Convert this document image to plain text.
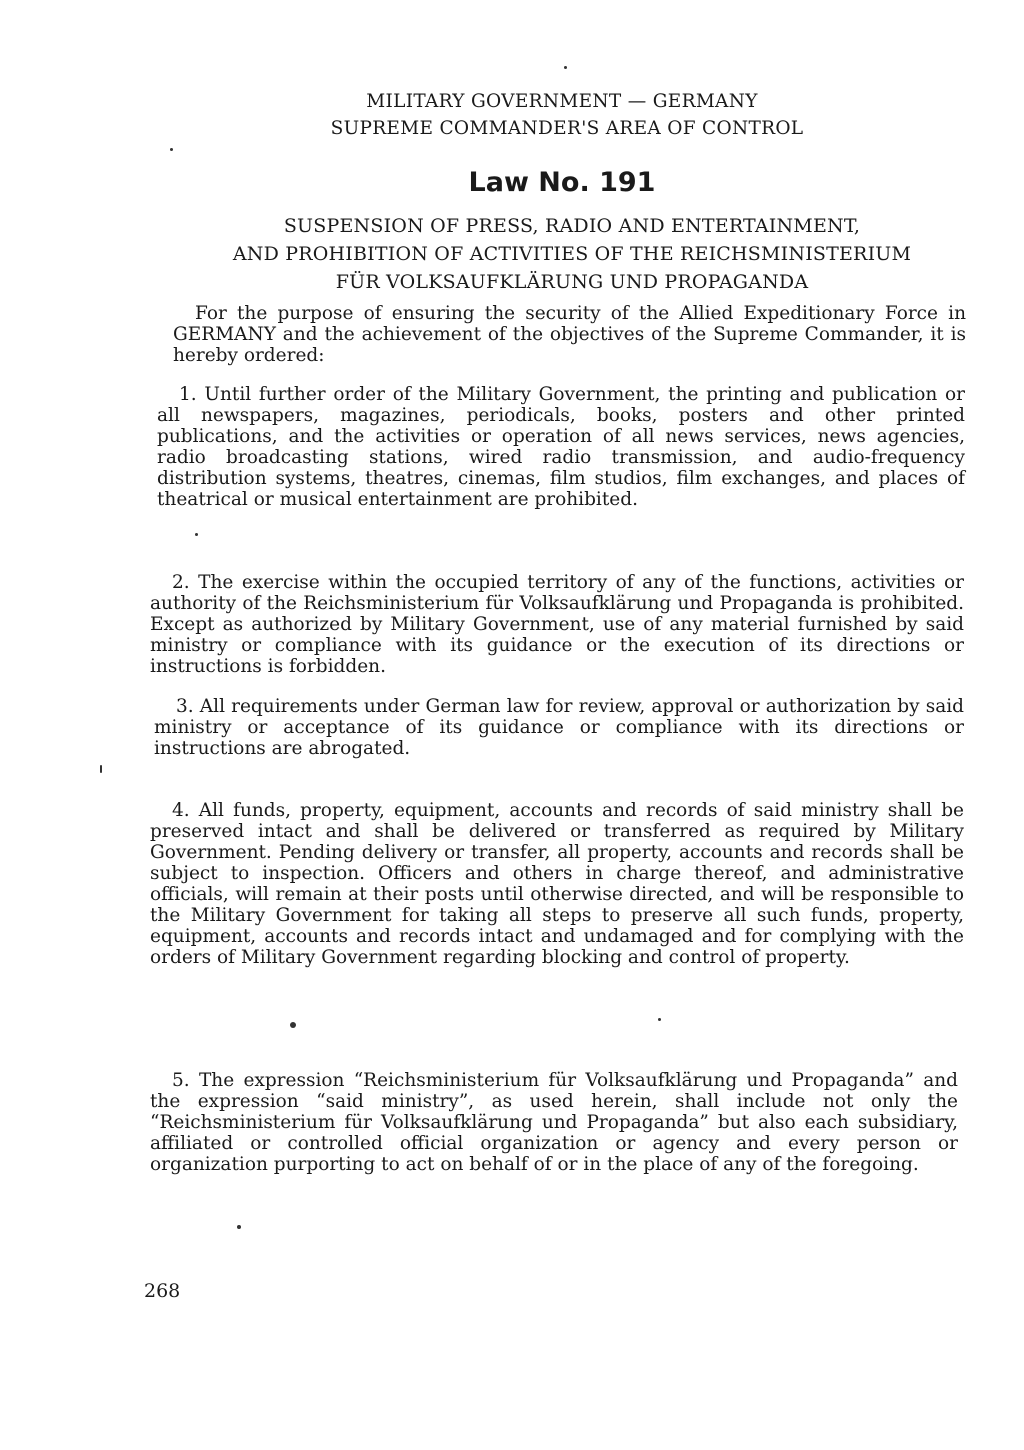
MILITARY GOVERNMENT — GERMANY
SUPREME COMMANDER'S AREA OF CONTROL
Law No. 191
SUSPENSION OF PRESS, RADIO AND ENTERTAINMENT,
AND PROHIBITION OF ACTIVITIES OF THE REICHSMINISTERIUM
FÜR VOLKSAUFKLÄRUNG UND PROPAGANDA

For the purpose of ensuring the security of the Allied Expeditionary Force in GERMANY and the achievement of the objectives of the Supreme Commander, it is hereby ordered:

1. Until further order of the Military Government, the printing and publication or all newspapers, magazines, periodicals, books, posters and other printed publications, and the activities or operation of all news services, news agencies, radio broadcasting stations, wired radio transmission, and audio-frequency distribution systems, theatres, cinemas, film studios, film exchanges, and places of theatrical or musical entertainment are prohibited.

2. The exercise within the occupied territory of any of the functions, activities or authority of the Reichsministerium für Volksaufklärung und Propaganda is prohibited. Except as authorized by Military Government, use of any material furnished by said ministry or compliance with its guidance or the execution of its directions or instructions is forbidden.

3. All requirements under German law for review, approval or authorization by said ministry or acceptance of its guidance or compliance with its directions or instructions are abrogated.

4. All funds, property, equipment, accounts and records of said ministry shall be preserved intact and shall be delivered or transferred as required by Military Government. Pending delivery or transfer, all property, accounts and records shall be subject to inspection. Officers and others in charge thereof, and administrative officials, will remain at their posts until otherwise directed, and will be responsible to the Military Government for taking all steps to preserve all such funds, property, equipment, accounts and records intact and undamaged and for complying with the orders of Military Government regarding blocking and control of property.

5. The expression “Reichsministerium für Volksaufklärung und Propaganda” and the expression “said ministry”, as used herein, shall include not only the “Reichsministerium für Volksaufklärung und Propaganda” but also each subsidiary, affiliated or controlled official organization or agency and every person or organization purporting to act on behalf of or in the place of any of the foregoing.

268
